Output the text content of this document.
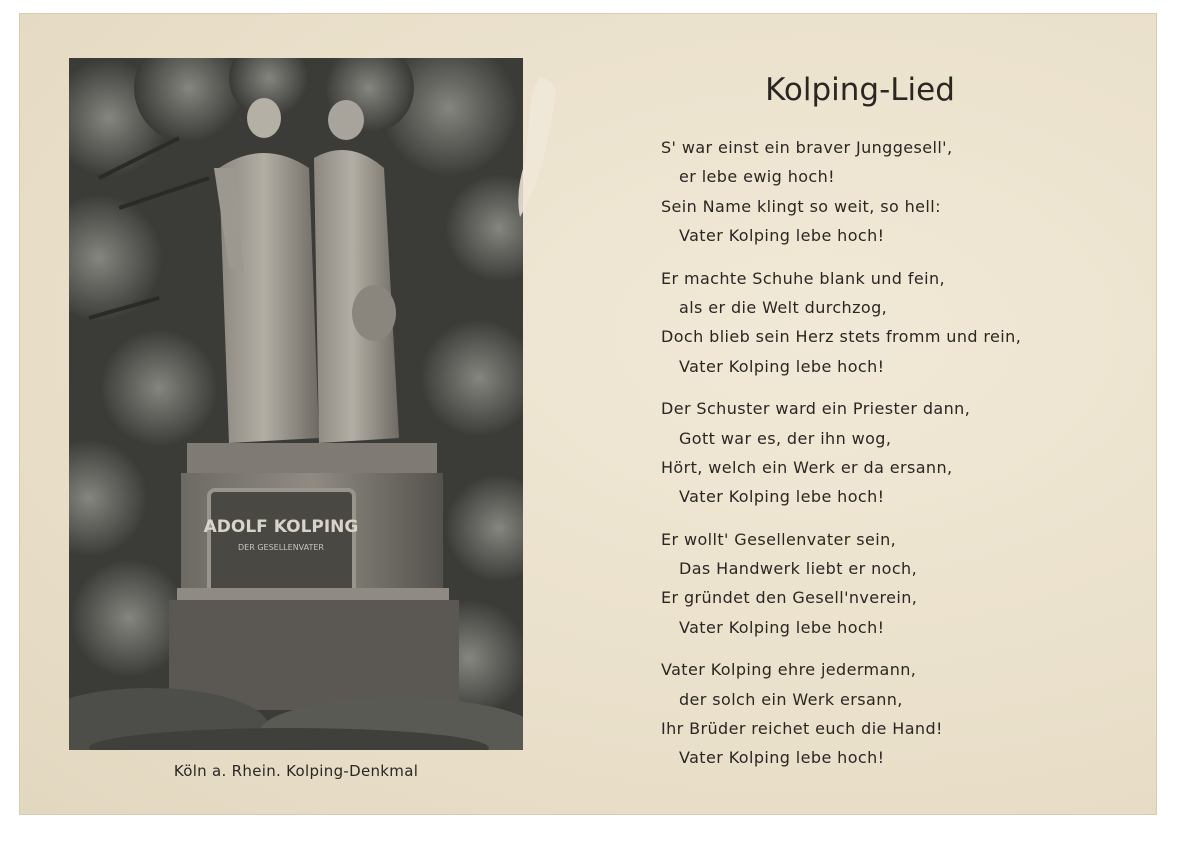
ADOLF KOLPING
DER GESELLENVATER
Köln a. Rhein. Kolping-Denkmal
Kolping-Lied
S' war einst ein braver Junggesell',
er lebe ewig hoch!
Sein Name klingt so weit, so hell:
Vater Kolping lebe hoch!
Er machte Schuhe blank und fein,
als er die Welt durchzog,
Doch blieb sein Herz stets fromm und rein,
Vater Kolping lebe hoch!
Der Schuster ward ein Priester dann,
Gott war es, der ihn wog,
Hört, welch ein Werk er da ersann,
Vater Kolping lebe hoch!
Er wollt' Gesellenvater sein,
Das Handwerk liebt er noch,
Er gründet den Gesell'nverein,
Vater Kolping lebe hoch!
Vater Kolping ehre jedermann,
der solch ein Werk ersann,
Ihr Brüder reichet euch die Hand!
Vater Kolping lebe hoch!
